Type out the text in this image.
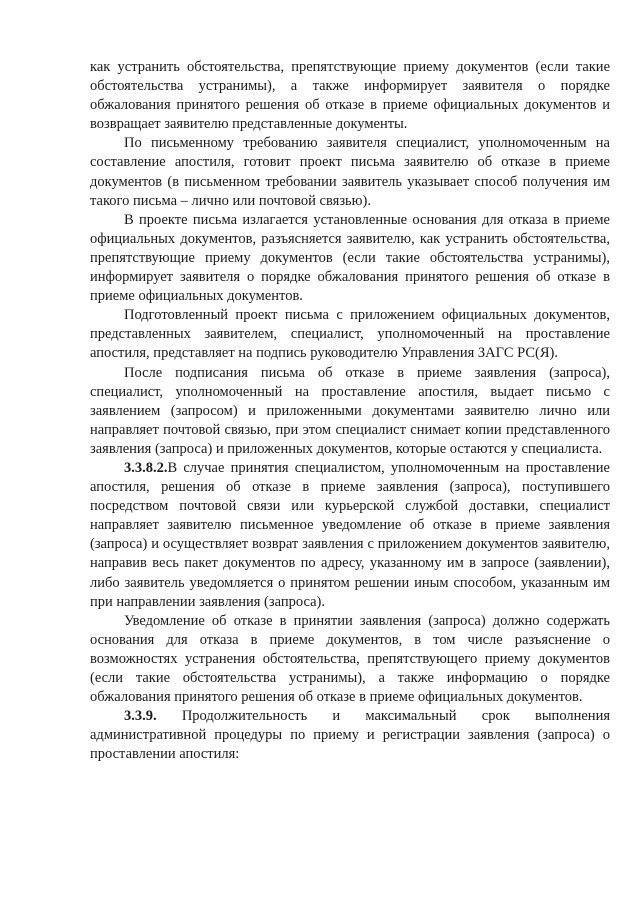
как устранить обстоятельства, препятствующие приему документов (если такие обстоятельства устранимы), а также информирует заявителя о порядке обжалования принятого решения об отказе в приеме официальных документов и возвращает заявителю представленные документы.

По письменному требованию заявителя специалист, уполномоченным на составление апостиля, готовит проект письма заявителю об отказе в приеме документов (в письменном требовании заявитель указывает способ получения им такого письма – лично или почтовой связью).

В проекте письма излагается установленные основания для отказа в приеме официальных документов, разъясняется заявителю, как устранить обстоятельства, препятствующие приему документов (если такие обстоятельства устранимы), информирует заявителя о порядке обжалования принятого решения об отказе в приеме официальных документов.

Подготовленный проект письма с приложением официальных документов, представленных заявителем, специалист, уполномоченный на проставление апостиля, представляет на подпись руководителю Управления ЗАГС РС(Я).

После подписания письма об отказе в приеме заявления (запроса), специалист, уполномоченный на проставление апостиля, выдает письмо с заявлением (запросом) и приложенными документами заявителю лично или направляет почтовой связью, при этом специалист снимает копии представленного заявления (запроса) и приложенных документов, которые остаются у специалиста.

3.3.8.2.В случае принятия специалистом, уполномоченным на проставление апостиля, решения об отказе в приеме заявления (запроса), поступившего посредством почтовой связи или курьерской службой доставки, специалист направляет заявителю письменное уведомление об отказе в приеме заявления (запроса) и осуществляет возврат заявления с приложением документов заявителю, направив весь пакет документов по адресу, указанному им в запросе (заявлении), либо заявитель уведомляется о принятом решении иным способом, указанным им при направлении заявления (запроса).

Уведомление об отказе в принятии заявления (запроса) должно содержать основания для отказа в приеме документов, в том числе разъяснение о возможностях устранения обстоятельства, препятствующего приему документов (если такие обстоятельства устранимы), а также информацию о порядке обжалования принятого решения об отказе в приеме официальных документов.

3.3.9. Продолжительность и максимальный срок выполнения административной процедуры по приему и регистрации заявления (запроса) о проставлении апостиля:
